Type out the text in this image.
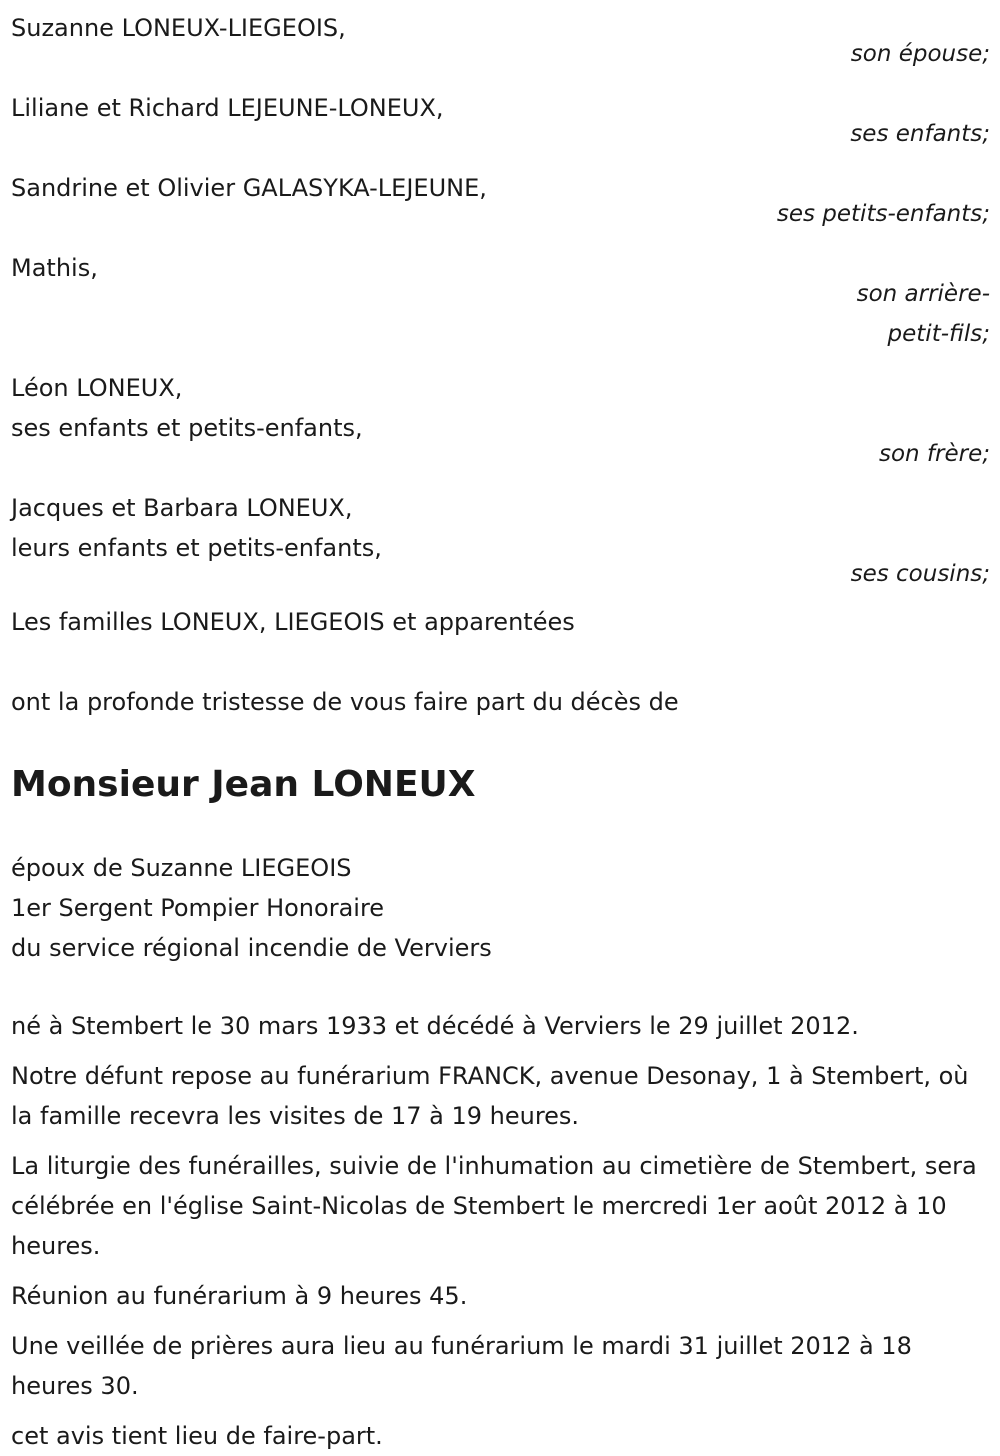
Suzanne LONEUX-LIEGEOIS,
son épouse;
Liliane et Richard LEJEUNE-LONEUX,
ses enfants;
Sandrine et Olivier GALASYKA-LEJEUNE,
ses petits-enfants;
Mathis,
son arrière-
petit-fils;
Léon LONEUX,
ses enfants et petits-enfants,
son frère;
Jacques et Barbara LONEUX,
leurs enfants et petits-enfants,
ses cousins;
Les familles LONEUX, LIEGEOIS et apparentées
ont la profonde tristesse de vous faire part du décès de
Monsieur Jean LONEUX
époux de Suzanne LIEGEOIS
1er Sergent Pompier Honoraire
du service régional incendie de Verviers

né à Stembert le 30 mars 1933 et décédé à Verviers le 29 juillet 2012.

Notre défunt repose au funérarium FRANCK, avenue Desonay, 1 à Stembert, où la famille recevra les visites de 17 à 19 heures.

La liturgie des funérailles, suivie de l'inhumation au cimetière de Stembert, sera célébrée en l'église Saint-Nicolas de Stembert le mercredi 1er août 2012 à 10 heures.

Réunion au funérarium à 9 heures 45.

Une veillée de prières aura lieu au funérarium le mardi 31 juillet 2012 à 18 heures 30.

cet avis tient lieu de faire-part.
